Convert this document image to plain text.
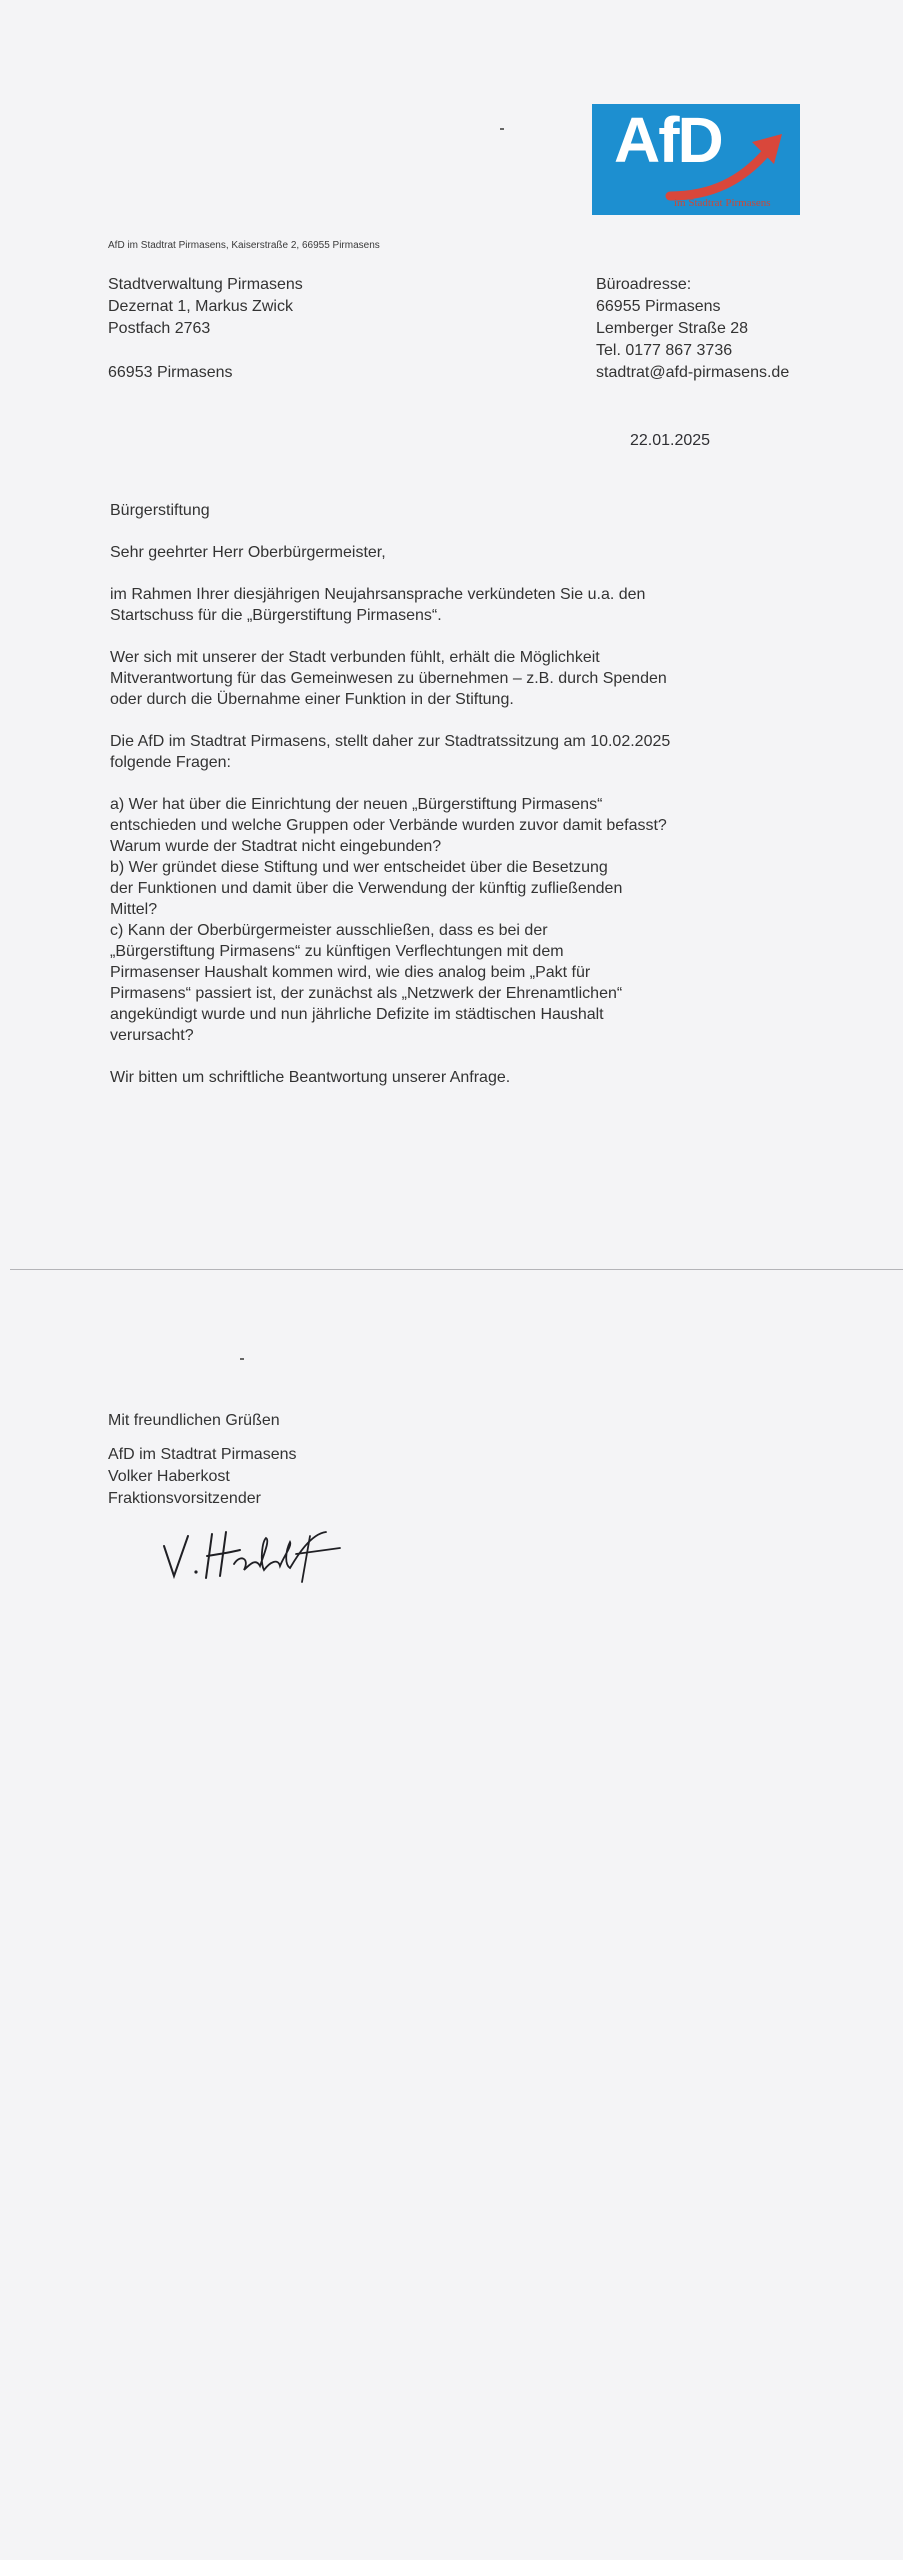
AfD
im Stadtrat Pirmasens
AfD im Stadtrat Pirmasens, Kaiserstraße 2, 66955 Pirmasens
Stadtverwaltung Pirmasens
Dezernat 1, Markus Zwick
Postfach 2763
66953 Pirmasens
Büroadresse:
66955 Pirmasens
Lemberger Straße 28
Tel. 0177 867 3736
stadtrat@afd-pirmasens.de
22.01.2025

Bürgerstiftung

Sehr geehrter Herr Oberbürgermeister,

im Rahmen Ihrer diesjährigen Neujahrsansprache verkündeten Sie u.a. den

Startschuss für die „Bürgerstiftung Pirmasens“.

Wer sich mit unserer der Stadt verbunden fühlt, erhält die Möglichkeit

Mitverantwortung für das Gemeinwesen zu übernehmen – z.B. durch Spenden

oder durch die Übernahme einer Funktion in der Stiftung.

Die AfD im Stadtrat Pirmasens, stellt daher zur Stadtratssitzung am 10.02.2025

folgende Fragen:

a) Wer hat über die Einrichtung der neuen „Bürgerstiftung Pirmasens“

entschieden und welche Gruppen oder Verbände wurden zuvor damit befasst?

Warum wurde der Stadtrat nicht eingebunden?

b) Wer gründet diese Stiftung und wer entscheidet über die Besetzung

der Funktionen und damit über die Verwendung der künftig zufließenden

Mittel?

c) Kann der Oberbürgermeister ausschließen, dass es bei der

„Bürgerstiftung Pirmasens“ zu künftigen Verflechtungen mit dem

Pirmasenser Haushalt kommen wird, wie dies analog beim „Pakt für

Pirmasens“ passiert ist, der zunächst als „Netzwerk der Ehrenamtlichen“

angekündigt wurde und nun jährliche Defizite im städtischen Haushalt

verursacht?

Wir bitten um schriftliche Beantwortung unserer Anfrage.

Mit freundlichen Grüßen
AfD im Stadtrat Pirmasens
Volker Haberkost
Fraktionsvorsitzender
